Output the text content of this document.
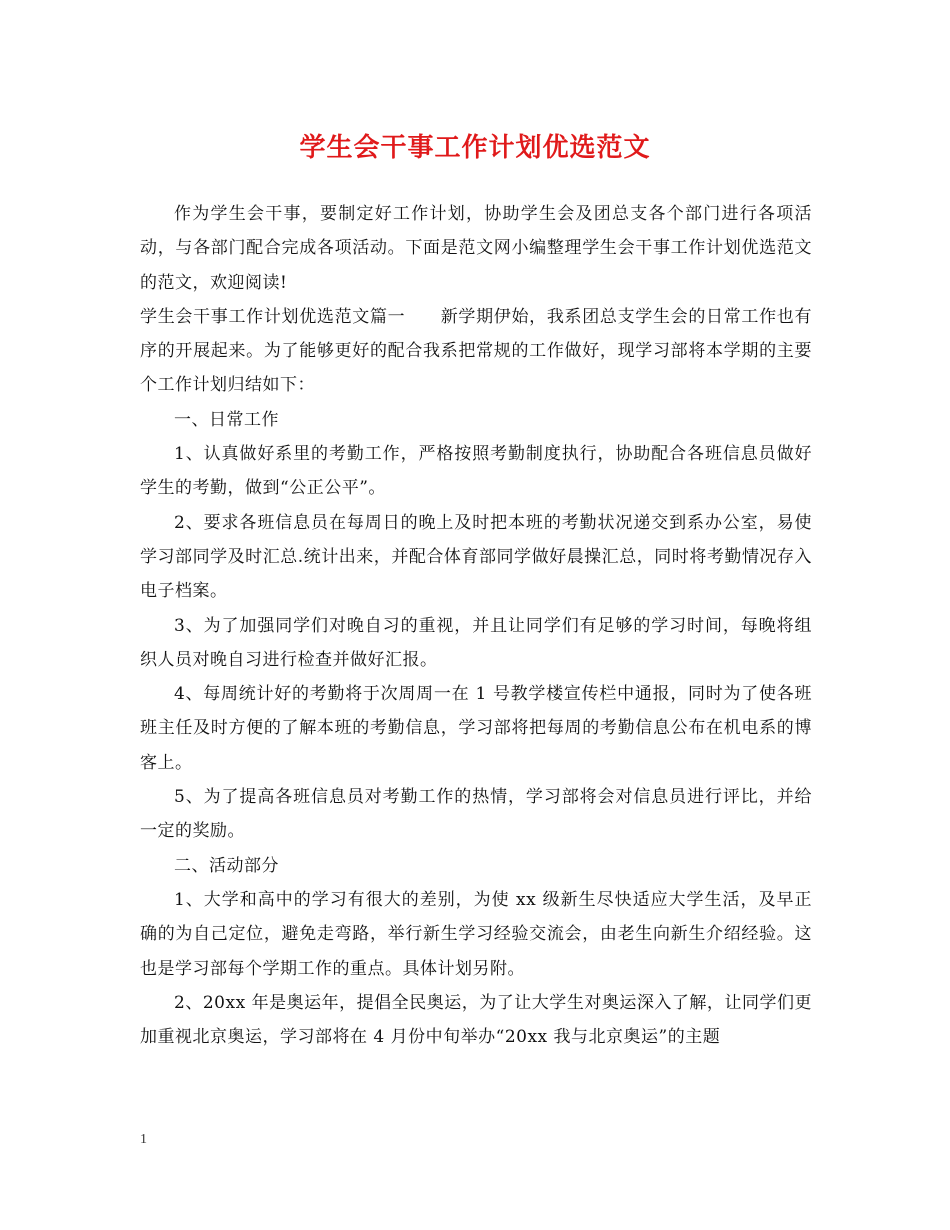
学生会干事工作计划优选范文

作为学生会干事，要制定好工作计划，协助学生会及团总支各个部门进行各项活动，与各部门配合完成各项活动。下面是范文网小编整理学生会干事工作计划优选范文的范文，欢迎阅读!

学生会干事工作计划优选范文篇一　　新学期伊始，我系团总支学生会的日常工作也有序的开展起来。为了能够更好的配合我系把常规的工作做好，现学习部将本学期的主要个工作计划归结如下：

一、日常工作

1、认真做好系里的考勤工作，严格按照考勤制度执行，协助配合各班信息员做好学生的考勤，做到“公正公平”。

2、要求各班信息员在每周日的晚上及时把本班的考勤状况递交到系办公室，易使学习部同学及时汇总.统计出来，并配合体育部同学做好晨操汇总，同时将考勤情况存入电子档案。

3、为了加强同学们对晚自习的重视，并且让同学们有足够的学习时间，每晚将组织人员对晚自习进行检查并做好汇报。

4、每周统计好的考勤将于次周周一在 1 号教学楼宣传栏中通报，同时为了使各班班主任及时方便的了解本班的考勤信息，学习部将把每周的考勤信息公布在机电系的博客上。

5、为了提高各班信息员对考勤工作的热情，学习部将会对信息员进行评比，并给一定的奖励。

二、活动部分

1、大学和高中的学习有很大的差别，为使 xx 级新生尽快适应大学生活，及早正确的为自己定位，避免走弯路，举行新生学习经验交流会，由老生向新生介绍经验。这也是学习部每个学期工作的重点。具体计划另附。

2、20xx 年是奥运年，提倡全民奥运，为了让大学生对奥运深入了解，让同学们更加重视北京奥运，学习部将在 4 月份中旬举办“20xx 我与北京奥运”的主题

1
